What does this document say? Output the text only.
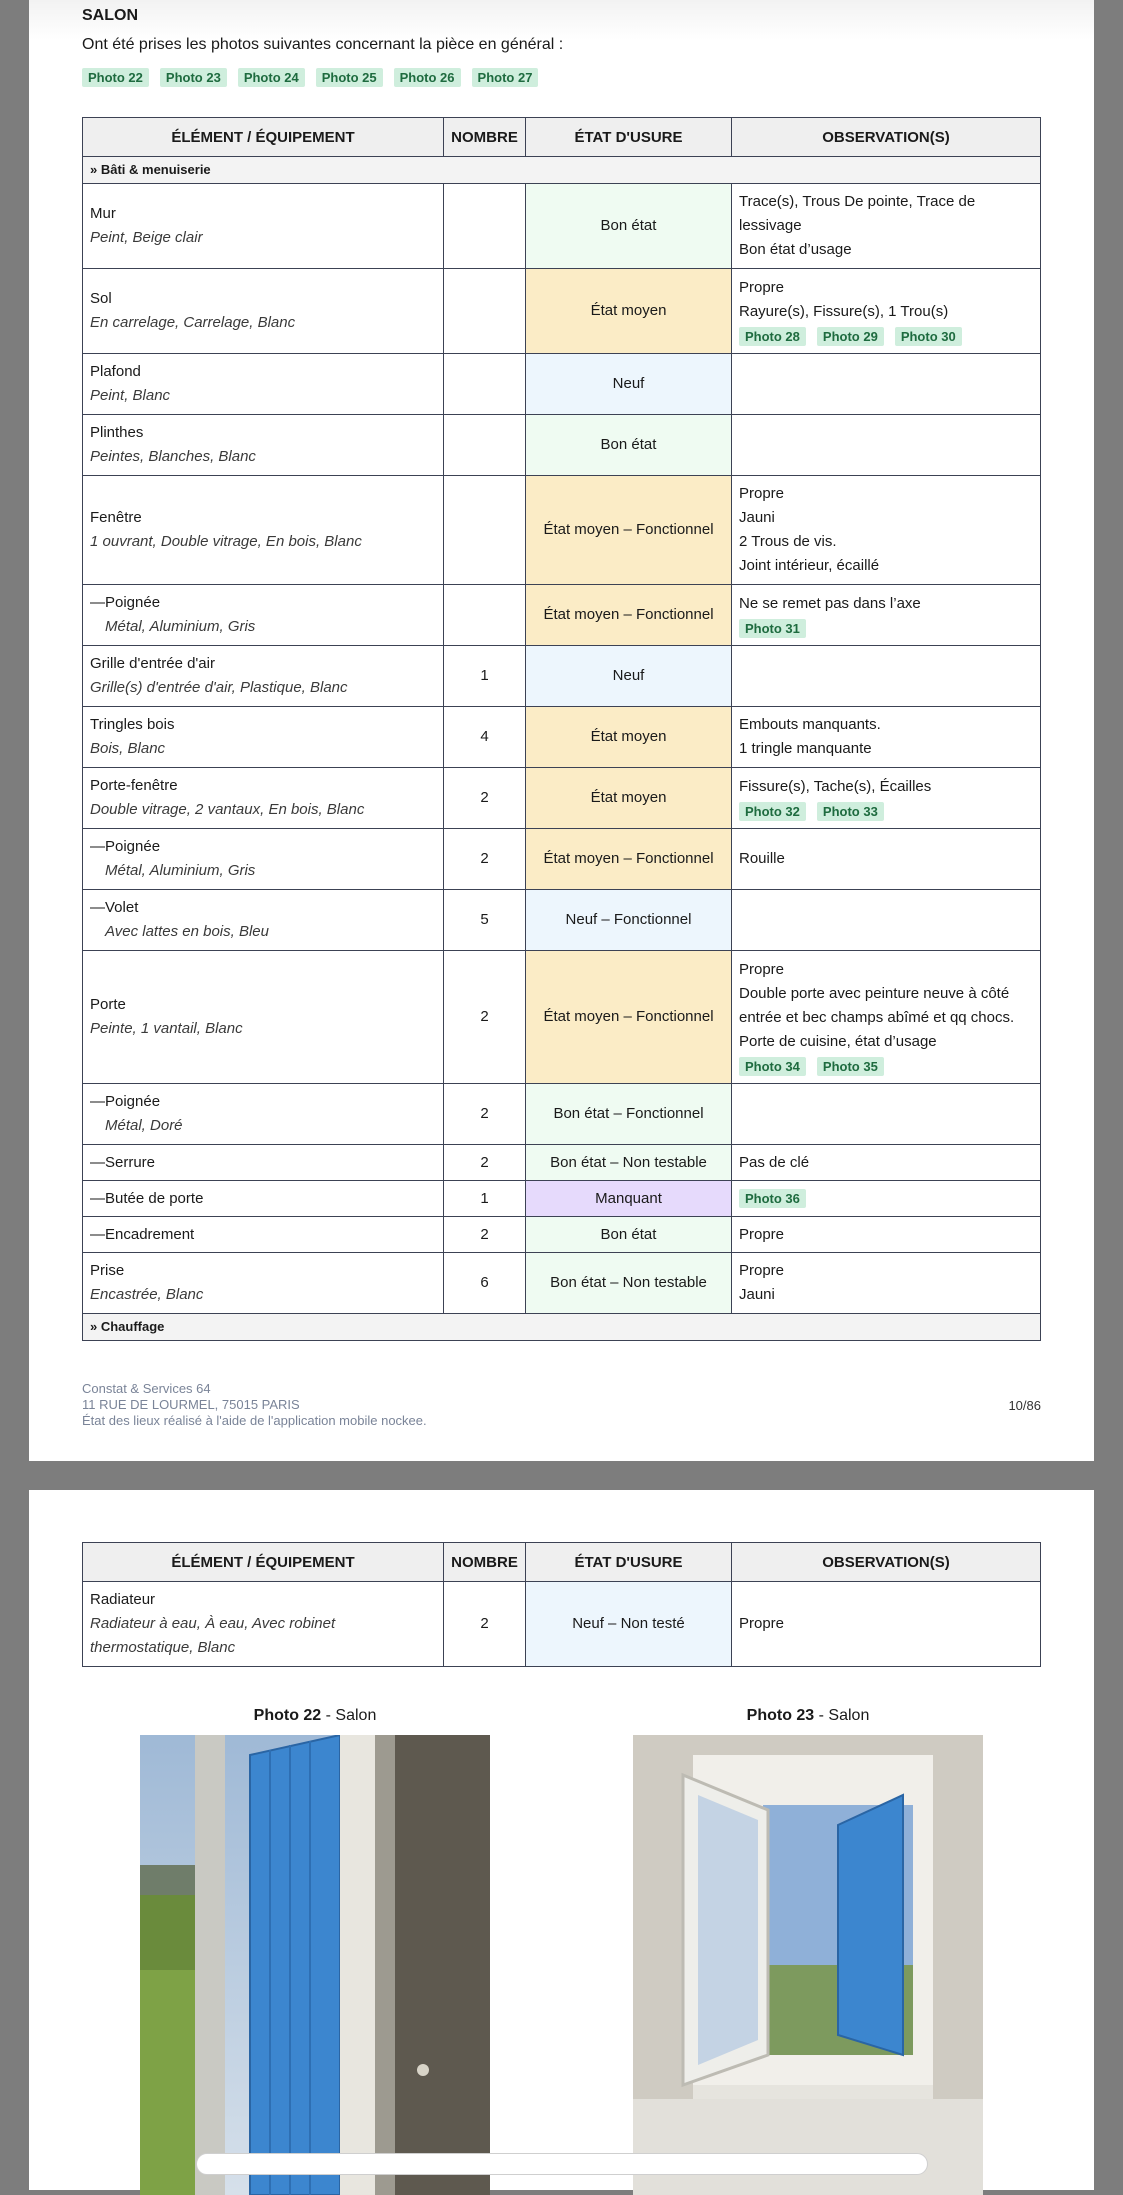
SALON

Ont été prises les photos suivantes concernant la pièce en général :

Photo 22	Photo 23	Photo 24	Photo 25	Photo 26	Photo 27
ÉLÉMENT / ÉQUIPEMENT	NOMBRE	ÉTAT D'USURE	OBSERVATION(S)
» Bâti & menuiserie			

Mur
Peint, Beige clair		Bon état	Trace(s), Trous De pointe, Trace de lessivage
Bon état d’usage

Sol
En carrelage, Carrelage, Blanc		État moyen	Propre
Rayure(s), Fissure(s), 1 Trou(s)
Photo 28 Photo 29 Photo 30

Plafond
Peint, Blanc		Neuf	

Plinthes
Peintes, Blanches, Blanc		Bon état	

Fenêtre
1 ouvrant, Double vitrage, En bois, Blanc		État moyen – Fonctionnel	Propre
Jauni
2 Trous de vis.
Joint intérieur, écaillé

—Poignée
Métal, Aluminium, Gris		État moyen – Fonctionnel	Ne se remet pas dans l’axe
Photo 31

Grille d'entrée d'air
Grille(s) d'entrée d'air, Plastique, Blanc	1	Neuf	

Tringles bois
Bois, Blanc	4	État moyen	Embouts manquants.
1 tringle manquante

Porte-fenêtre
Double vitrage, 2 vantaux, En bois, Blanc	2	État moyen	Fissure(s), Tache(s), Écailles
Photo 32 Photo 33

—Poignée
Métal, Aluminium, Gris	2	État moyen – Fonctionnel	Rouille

—Volet
Avec lattes en bois, Bleu	5	Neuf – Fonctionnel	

Porte
Peinte, 1 vantail, Blanc	2	État moyen – Fonctionnel	Propre
Double porte avec peinture neuve à côté entrée et bec champs abîmé et qq chocs.
Porte de cuisine, état d’usage
Photo 34 Photo 35

—Poignée
Métal, Doré	2	Bon état – Fonctionnel	

—Serrure	2	Bon état – Non testable	Pas de clé

—Butée de porte	1	Manquant	Photo 36

—Encadrement	2	Bon état	Propre

Prise
Encastrée, Blanc	6	Bon état – Non testable	Propre
Jauni

» Chauffage			
Constat & Services 64
11 RUE DE LOURMEL, 75015 PARIS
État des lieux réalisé à l'aide de l'application mobile nockee.
10/86
ÉLÉMENT / ÉQUIPEMENT	NOMBRE	ÉTAT D'USURE	OBSERVATION(S)

Radiateur
Radiateur à eau, À eau, Avec robinet thermostatique, Blanc	2	Neuf – Non testé	Propre
Photo 22 - Salon	Photo 23 - Salon
